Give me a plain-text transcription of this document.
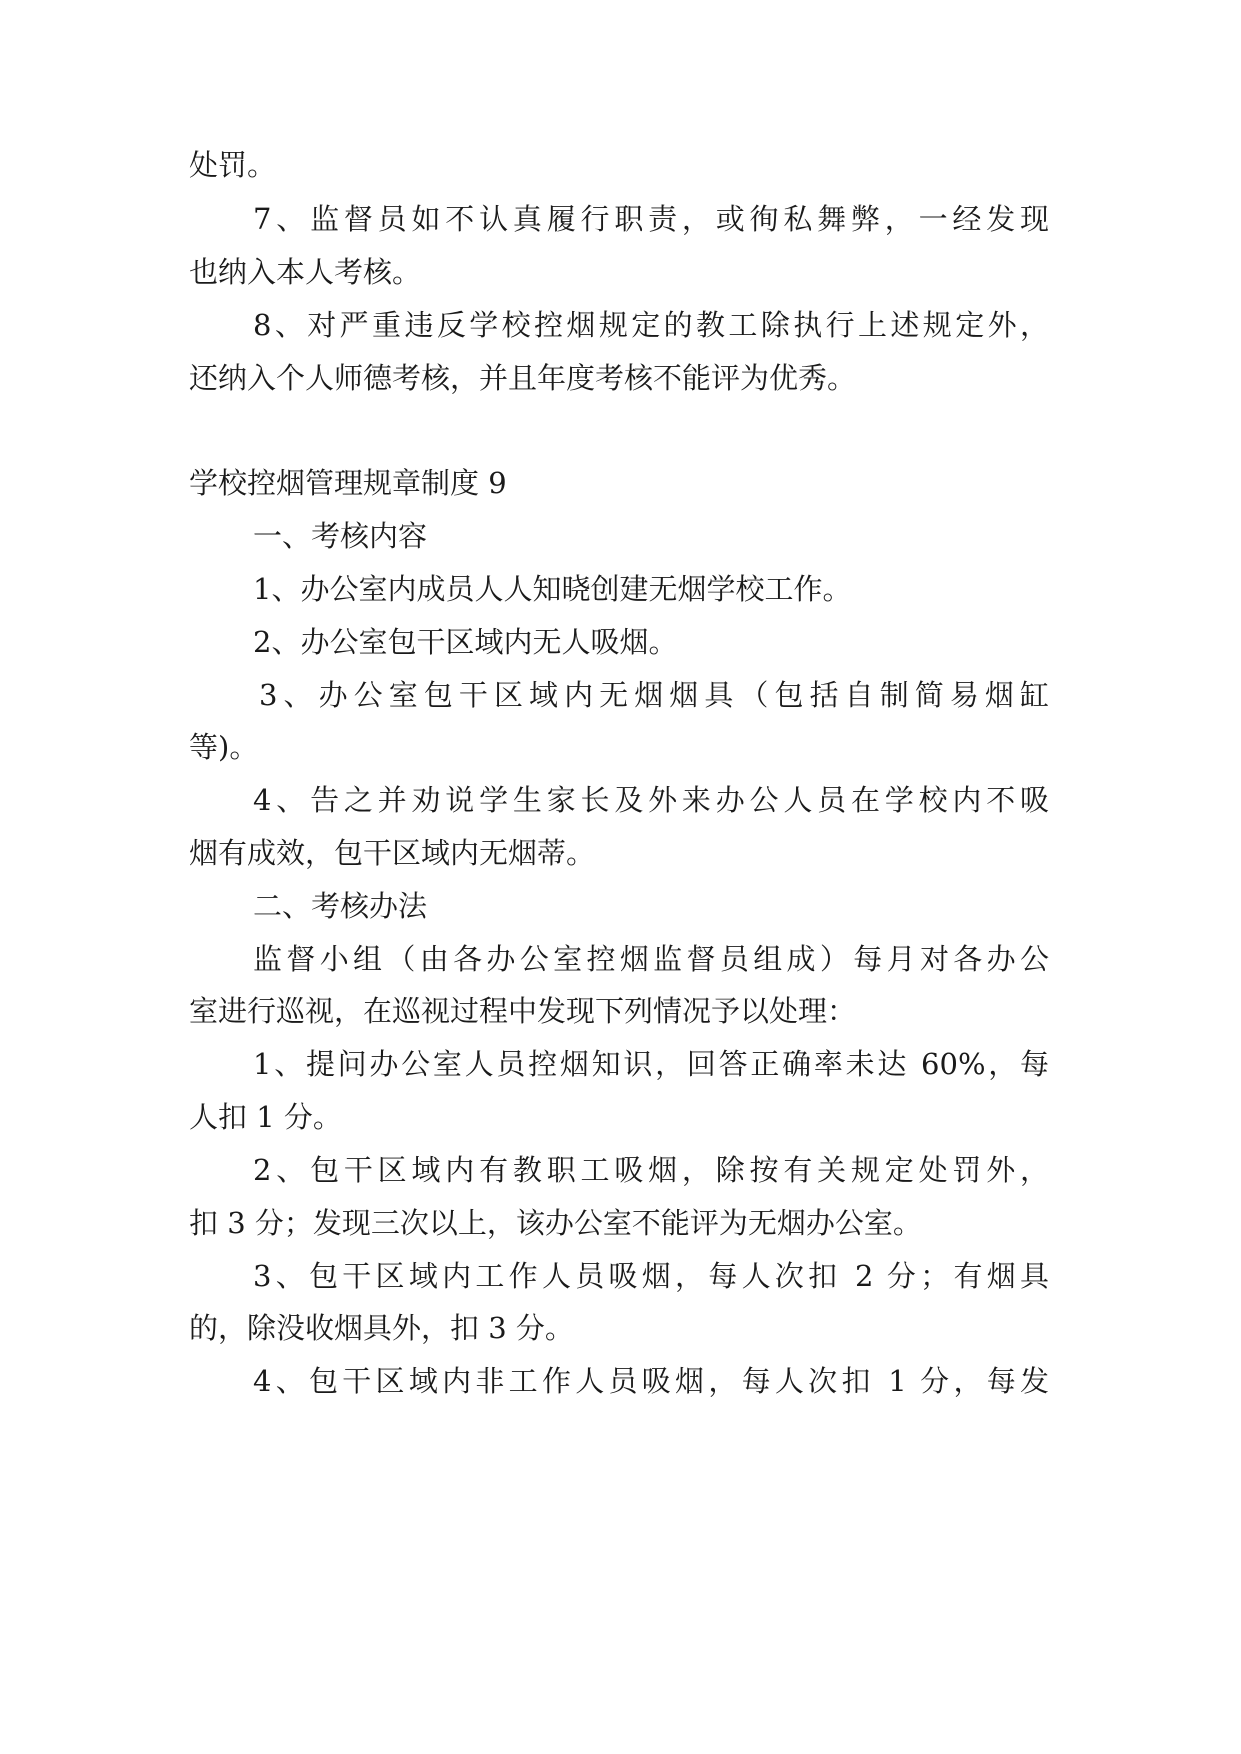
处罚。
7、监督员如不认真履行职责，或徇私舞弊，一经发现
也纳入本人考核。
8、对严重违反学校控烟规定的教工除执行上述规定外，
还纳入个人师德考核，并且年度考核不能评为优秀。
学校控烟管理规章制度 9
一、考核内容
1、办公室内成员人人知晓创建无烟学校工作。
2、办公室包干区域内无人吸烟。
3、办公室包干区域内无烟烟具（包括自制简易烟缸
等)。
4、告之并劝说学生家长及外来办公人员在学校内不吸
烟有成效，包干区域内无烟蒂。
二、考核办法
监督小组（由各办公室控烟监督员组成）每月对各办公
室进行巡视，在巡视过程中发现下列情况予以处理：
1、提问办公室人员控烟知识，回答正确率未达 60%，每
人扣 1 分。
2、包干区域内有教职工吸烟，除按有关规定处罚外，
扣 3 分；发现三次以上，该办公室不能评为无烟办公室。
3、包干区域内工作人员吸烟，每人次扣 2 分；有烟具
的，除没收烟具外，扣 3 分。
4、包干区域内非工作人员吸烟，每人次扣 1 分，每发
